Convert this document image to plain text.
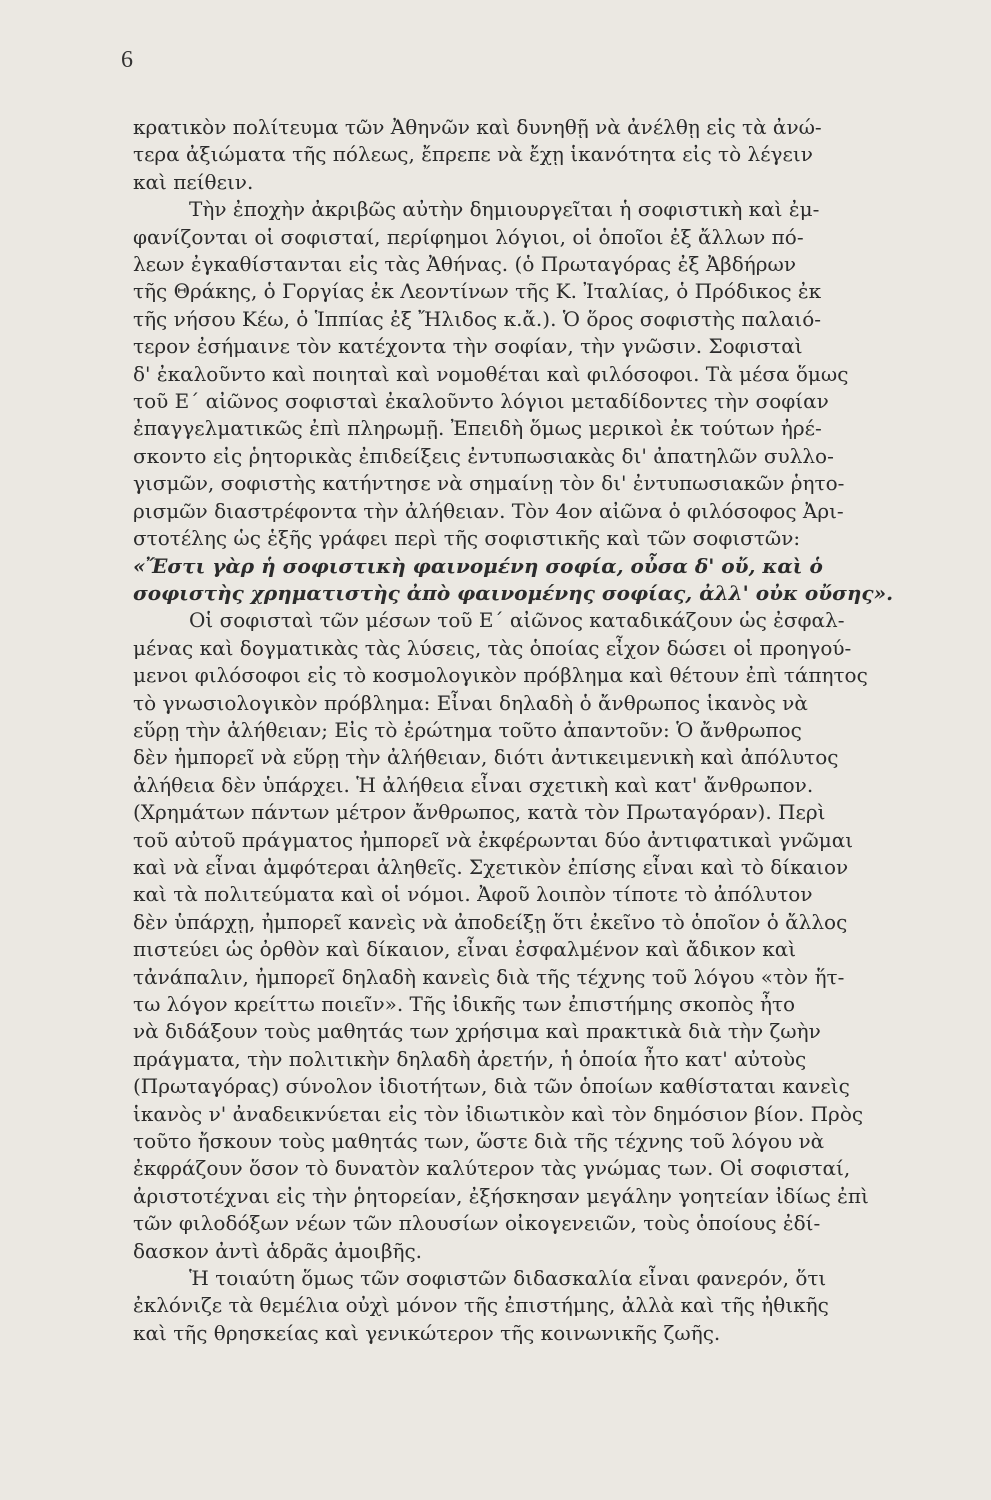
6

κρατικὸν πολίτευμα τῶν Ἀθηνῶν καὶ δυνηθῇ νὰ ἀνέλθῃ εἰς τὰ ἀνώ-
τερα ἀξιώματα τῆς πόλεως, ἔπρεπε νὰ ἔχῃ ἱκανότητα εἰς τὸ λέγειν
καὶ πείθειν.

Τὴν ἐποχὴν ἀκριβῶς αὐτὴν δημιουργεῖται ἡ σοφιστικὴ καὶ ἐμ-
φανίζονται οἱ σοφισταί, περίφημοι λόγιοι, οἱ ὁποῖοι ἐξ ἄλλων πό-
λεων ἐγκαθίστανται εἰς τὰς Ἀθήνας. (ὁ Πρωταγόρας ἐξ Ἀβδήρων
τῆς Θράκης, ὁ Γοργίας ἐκ Λεοντίνων τῆς Κ. Ἰταλίας, ὁ Πρόδικος ἐκ
τῆς νήσου Κέω, ὁ Ἱππίας ἐξ Ἤλιδος κ.ἄ.). Ὁ ὅρος σοφιστὴς παλαιό-
τερον ἐσήμαινε τὸν κατέχοντα τὴν σοφίαν, τὴν γνῶσιν. Σοφισταὶ
δ' ἐκαλοῦντο καὶ ποιηταὶ καὶ νομοθέται καὶ φιλόσοφοι. Τὰ μέσα ὅμως
τοῦ Ε΄ αἰῶνος σοφισταὶ ἐκαλοῦντο λόγιοι μεταδίδοντες τὴν σοφίαν
ἐπαγγελματικῶς ἐπὶ πληρωμῇ. Ἐπειδὴ ὅμως μερικοὶ ἐκ τούτων ἠρέ-
σκοντο εἰς ῥητορικὰς ἐπιδείξεις ἐντυπωσιακὰς δι' ἀπατηλῶν συλλο-
γισμῶν, σοφιστὴς κατήντησε νὰ σημαίνῃ τὸν δι' ἐντυπωσιακῶν ῥητο-
ρισμῶν διαστρέφοντα τὴν ἀλήθειαν. Τὸν 4ον αἰῶνα ὁ φιλόσοφος Ἀρι-
στοτέλης ὡς ἑξῆς γράφει περὶ τῆς σοφιστικῆς καὶ τῶν σοφιστῶν:
«Ἔστι γὰρ ἡ σοφιστικὴ φαινομένη σοφία, οὖσα δ' οὔ, καὶ ὁ
σοφιστὴς χρηματιστὴς ἀπὸ φαινομένης σοφίας, ἀλλ' οὐκ οὔσης».

Οἱ σοφισταὶ τῶν μέσων τοῦ Ε΄ αἰῶνος καταδικάζουν ὡς ἐσφαλ-
μένας καὶ δογματικὰς τὰς λύσεις, τὰς ὁποίας εἶχον δώσει οἱ προηγού-
μενοι φιλόσοφοι εἰς τὸ κοσμολογικὸν πρόβλημα καὶ θέτουν ἐπὶ τάπητος
τὸ γνωσιολογικὸν πρόβλημα: Εἶναι δηλαδὴ ὁ ἄνθρωπος ἱκανὸς νὰ
εὕρῃ τὴν ἀλήθειαν; Εἰς τὸ ἐρώτημα τοῦτο ἀπαντοῦν: Ὁ ἄνθρωπος
δὲν ἠμπορεῖ νὰ εὕρῃ τὴν ἀλήθειαν, διότι ἀντικειμενικὴ καὶ ἀπόλυτος
ἀλήθεια δὲν ὑπάρχει. Ἡ ἀλήθεια εἶναι σχετικὴ καὶ κατ' ἄνθρωπον.
(Χρημάτων πάντων μέτρον ἄνθρωπος, κατὰ τὸν Πρωταγόραν). Περὶ
τοῦ αὐτοῦ πράγματος ἠμπορεῖ νὰ ἐκφέρωνται δύο ἀντιφατικαὶ γνῶμαι
καὶ νὰ εἶναι ἀμφότεραι ἀληθεῖς. Σχετικὸν ἐπίσης εἶναι καὶ τὸ δίκαιον
καὶ τὰ πολιτεύματα καὶ οἱ νόμοι. Ἀφοῦ λοιπὸν τίποτε τὸ ἀπόλυτον
δὲν ὑπάρχῃ, ἠμπορεῖ κανεὶς νὰ ἀποδείξῃ ὅτι ἐκεῖνο τὸ ὁποῖον ὁ ἄλλος
πιστεύει ὡς ὀρθὸν καὶ δίκαιον, εἶναι ἐσφαλμένον καὶ ἄδικον καὶ
τἀνάπαλιν, ἠμπορεῖ δηλαδὴ κανεὶς διὰ τῆς τέχνης τοῦ λόγου «τὸν ἥτ-
τω λόγον κρείττω ποιεῖν». Τῆς ἰδικῆς των ἐπιστήμης σκοπὸς ἦτο
νὰ διδάξουν τοὺς μαθητάς των χρήσιμα καὶ πρακτικὰ διὰ τὴν ζωὴν
πράγματα, τὴν πολιτικὴν δηλαδὴ ἀρετήν, ἡ ὁποία ἦτο κατ' αὐτοὺς
(Πρωταγόρας) σύνολον ἰδιοτήτων, διὰ τῶν ὁποίων καθίσταται κανεὶς
ἱκανὸς ν' ἀναδεικνύεται εἰς τὸν ἰδιωτικὸν καὶ τὸν δημόσιον βίον. Πρὸς
τοῦτο ἤσκουν τοὺς μαθητάς των, ὥστε διὰ τῆς τέχνης τοῦ λόγου νὰ
ἐκφράζουν ὅσον τὸ δυνατὸν καλύτερον τὰς γνώμας των. Οἱ σοφισταί,
ἀριστοτέχναι εἰς τὴν ῥητορείαν, ἐξήσκησαν μεγάλην γοητείαν ἰδίως ἐπὶ
τῶν φιλοδόξων νέων τῶν πλουσίων οἰκογενειῶν, τοὺς ὁποίους ἐδί-
δασκον ἀντὶ ἁδρᾶς ἀμοιβῆς.

Ἡ τοιαύτη ὅμως τῶν σοφιστῶν διδασκαλία εἶναι φανερόν, ὅτι
ἐκλόνιζε τὰ θεμέλια οὐχὶ μόνον τῆς ἐπιστήμης, ἀλλὰ καὶ τῆς ἠθικῆς
καὶ τῆς θρησκείας καὶ γενικώτερον τῆς κοινωνικῆς ζωῆς.
